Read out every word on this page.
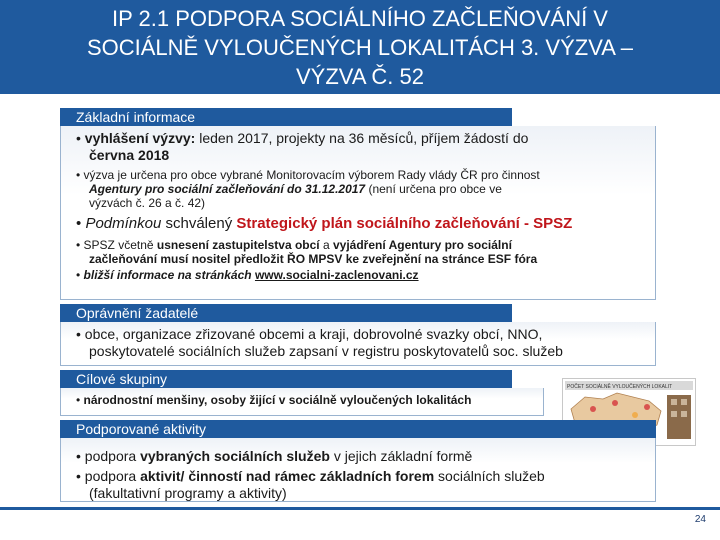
IP 2.1 PODPORA SOCIÁLNÍHO ZAČLEŇOVÁNÍ V
SOCIÁLNĚ VYLOUČENÝCH LOKALITÁCH 3. VÝZVA –
VÝZVA Č. 52
Základní informace
• vyhlášení výzvy: leden 2017, projekty na 36 měsíců, příjem žádostí do
června 2018
• výzva je určena pro obce vybrané Monitorovacím výborem Rady vlády ČR pro činnost
Agentury pro sociální začleňování do 31.12.2017 (není určena pro obce ve
výzvách č. 26 a č. 42)
• Podmínkou schválený Strategický plán sociálního začleňování - SPSZ
• SPSZ včetně usnesení zastupitelstva obcí a vyjádření Agentury pro sociální
začleňování musí nositel předložit ŘO MPSV ke zveřejnění na stránce ESF fóra
• bližší informace na stránkách www.socialni-zaclenovani.cz
Oprávnění žadatelé
• obce, organizace zřizované obcemi a kraji, dobrovolné svazky obcí, NNO,
poskytovatelé sociálních služeb zapsaní v registru poskytovatelů soc. služeb
Cílové skupiny
• národnostní menšiny, osoby žijící v sociálně vyloučených lokalitách
POČET SOCIÁLNĚ VYLOUČENÝCH LOKALIT
Podporované aktivity
• podpora vybraných sociálních služeb v jejich základní formě
• podpora aktivit/ činností nad rámec základních forem sociálních služeb
(fakultativní programy a aktivity)
24
